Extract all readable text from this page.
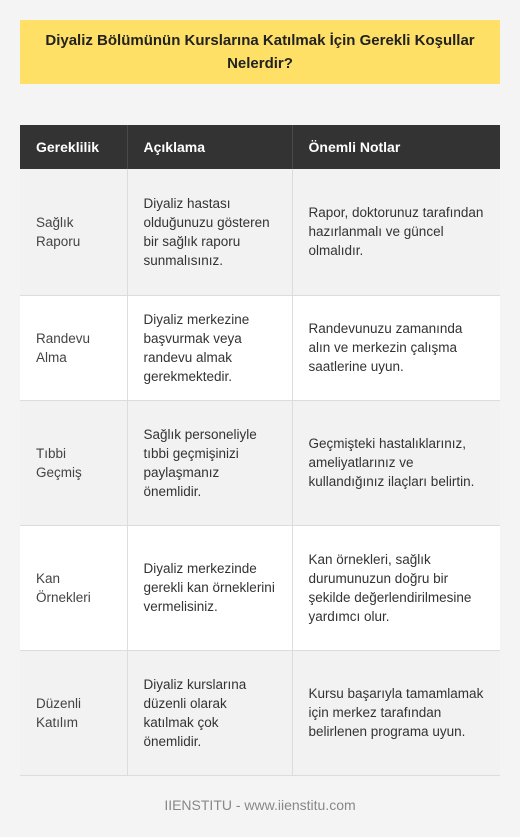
Diyaliz Bölümünün Kurslarına Katılmak İçin Gerekli Koşullar Nelerdir?
Gereklilik	Açıklama	Önemli Notlar
Sağlık Raporu	Diyaliz hastası olduğunuzu gösteren bir sağlık raporu sunmalısınız.	Rapor, doktorunuz tarafından hazırlanmalı ve güncel olmalıdır.
Randevu Alma	Diyaliz merkezine başvurmak veya randevu almak gerekmektedir.	Randevunuzu zamanında alın ve merkezin çalışma saatlerine uyun.
Tıbbi Geçmiş	Sağlık personeliyle tıbbi geçmişinizi paylaşmanız önemlidir.	Geçmişteki hastalıklarınız, ameliyatlarınız ve kullandığınız ilaçları belirtin.
Kan Örnekleri	Diyaliz merkezinde gerekli kan örneklerini vermelisiniz.	Kan örnekleri, sağlık durumunuzun doğru bir şekilde değerlendirilmesine yardımcı olur.
Düzenli Katılım	Diyaliz kurslarına düzenli olarak katılmak çok önemlidir.	Kursu başarıyla tamamlamak için merkez tarafından belirlenen programa uyun.
IIENSTITU - www.iienstitu.com
